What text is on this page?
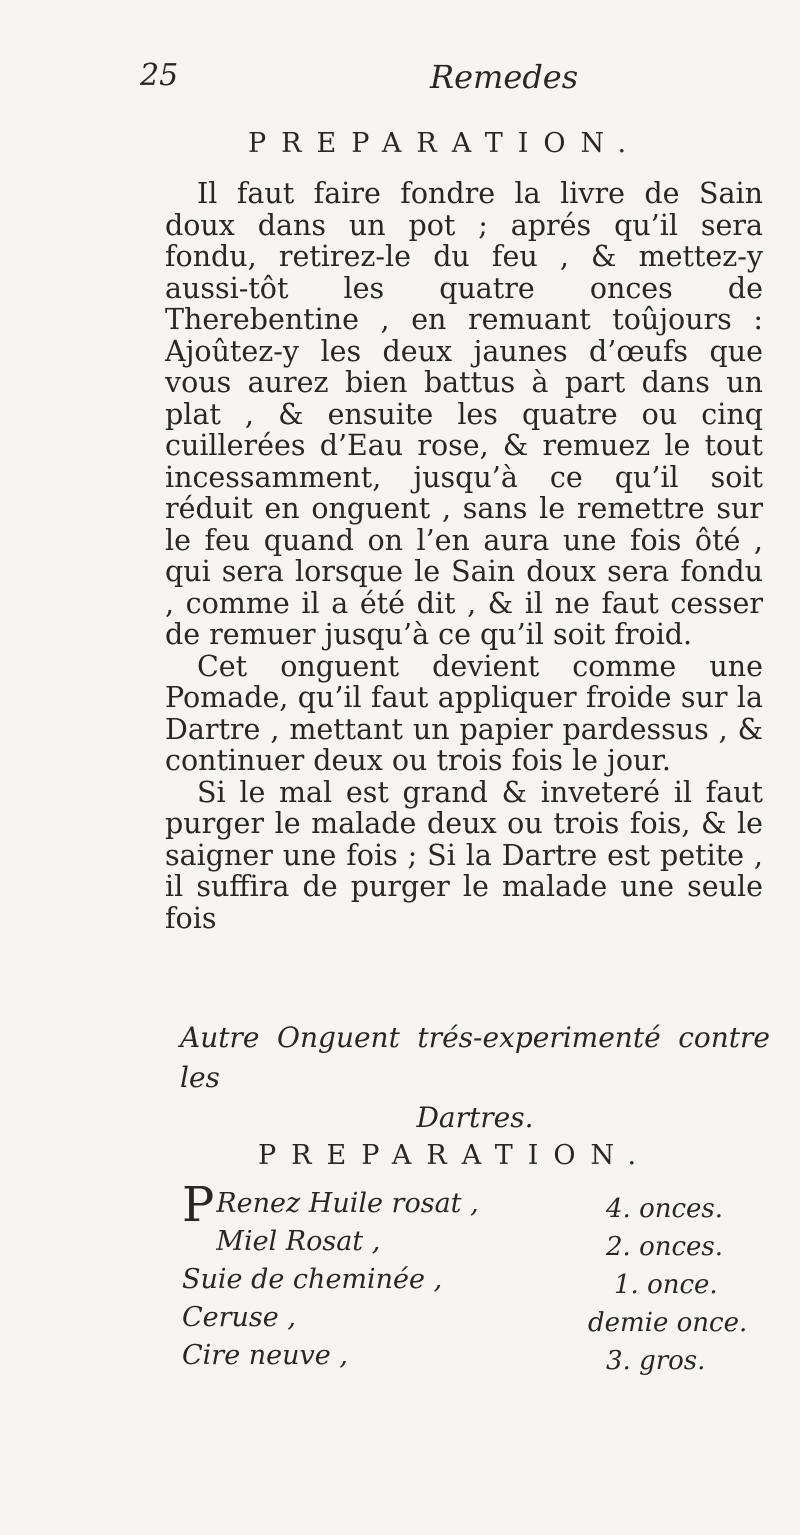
25	Remedes
PREPARATION.

Il faut faire fondre la livre de Sain doux dans un pot ; aprés qu’il sera fondu, retirez-le du feu , & mettez-y aussi-tôt les quatre onces de Therebentine , en remuant toûjours : Ajoûtez-y les deux jaunes d’œufs que vous aurez bien battus à part dans un plat , & ensuite les quatre ou cinq cuillerées d’Eau rose, & remuez le tout incessamment, jusqu’à ce qu’il soit réduit en onguent , sans le remettre sur le feu quand on l’en aura une fois ôté , qui sera lorsque le Sain doux sera fondu , comme il a été dit , & il ne faut cesser de remuer jusqu’à ce qu’il soit froid.

Cet onguent devient comme une Pomade, qu’il faut appliquer froide sur la Dartre , mettant un papier pardessus , & continuer deux ou trois fois le jour.

Si le mal est grand & inveteré il faut purger le malade deux ou trois fois, & le saigner une fois ; Si la Dartre est petite , il suffira de purger le malade une seule fois

Autre Onguent trés-experimenté contre les
Dartres.
PREPARATION.
P Renez Huile rosat ,
Miel Rosat ,
Suie de cheminée ,
Ceruse ,
Cire neuve ,
4. onces.
2. onces.
1. once.
demie once.
3. gros.
